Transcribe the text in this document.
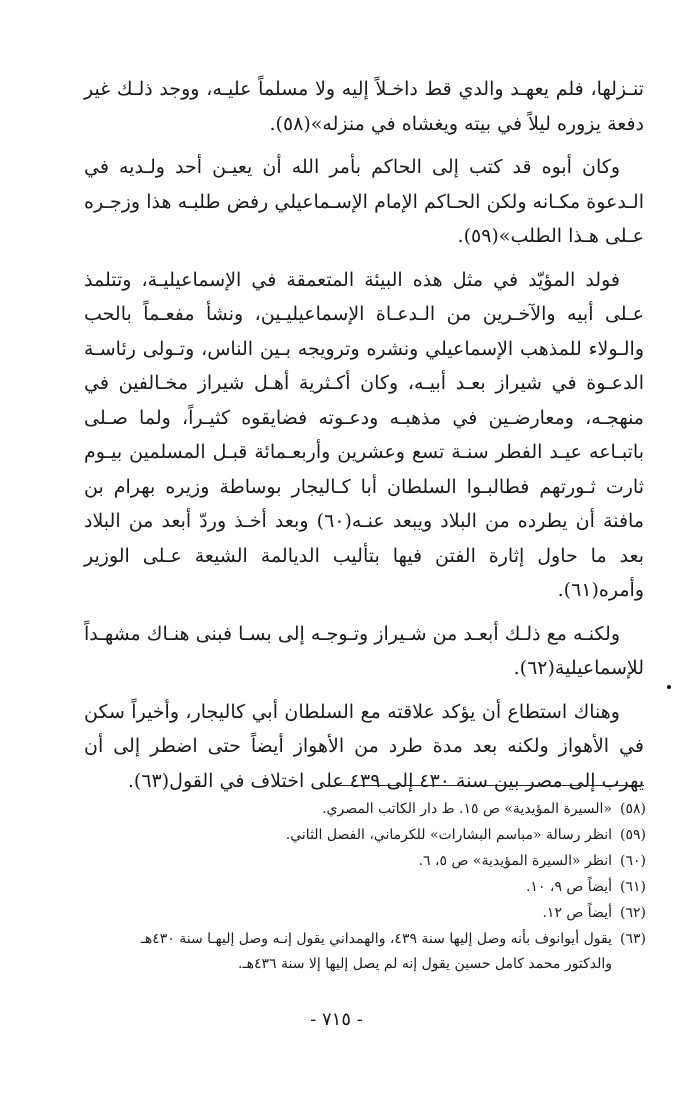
تنـزلها، فلم يعهـد والدي قط داخـلاً إليه ولا مسلماً عليـه، ووجد ذلـك غير دفعة يزوره ليلاً في بيته ويغشاه في منزله»(٥٨).

وكان أبوه قد كتب إلى الحاكم بأمر الله أن يعيـن أحد ولـديه في الـدعوة مكـانه ولكن الحـاكم الإمام الإسـماعيلي رفض طلبـه هذا وزجـره عـلى هـذا الطلب»(٥٩).

فولد المؤيّد في مثل هذه البيئة المتعمقة في الإسماعيليـة، وتتلمذ عـلى أبيه والآخـرين من الـدعـاة الإسماعيليـين، ونشأ مفعـماً بالحب والـولاء للمذهب الإسماعيلي ونشره وترويجه بـين الناس، وتـولى رئاسـة الدعـوة في شيراز بعـد أبيـه، وكان أكـثرية أهـل شيراز مخـالفين في منهجـه، ومعارضـين في مذهبـه ودعـوته فضايقوه كثيـراً، ولما صـلى باتبـاعه عيـد الفطر سنـة تسع وعشرين وأربعـمائة قبـل المسلمين بيـوم ثارت ثـورتهم فطالبـوا السلطان أبا كـاليجار بوساطة وزيره بهرام بن مافنة أن يطرده من البلاد ويبعد عنـه(٦٠) وبعد أخـذ وردّ أبعد من البلاد بعد ما حاول إثارة الفتن فيها بتأليب الديالمة الشيعة عـلى الوزير وأمره(٦١).

ولكنـه مع ذلـك أبعـد من شـيراز وتـوجـه إلى بسـا فبنى هنـاك مشهـداً للإسماعيلية(٦٢).

وهناك استطاع أن يؤكد علاقته مع السلطان أبي كاليجار، وأخيراً سكن في الأهواز ولكنه بعد مدة طرد من الأهواز أيضاً حتى اضطر إلى أن يهرب إلى مصر بين سنة ٤٣٠ إلى ٤٣٩ على اختلاف في القول(٦٣).

(٥٨)«السيرة المؤيدية» ص ١٥. ط دار الكاتب المصري.
(٥٩)انظر رسالة «مباسم البشارات» للكرماني، الفصل الثاني.
(٦٠)انظر «السيرة المؤيدية» ص ٥، ٦.
(٦١)أيضاً ص ٩، ١٠.
(٦٢)أيضاً ص ١٢.
(٦٣)يقول أيوانوف بأنه وصل إليها سنة ٤٣٩، والهمداني يقول إنـه وصل إليهـا سنة ٤٣٠هـ
والدكتور محمد كامل حسين يقول إنه لم يصل إليها إلا سنة ٤٣٦هـ.
- ٧١٥ -
